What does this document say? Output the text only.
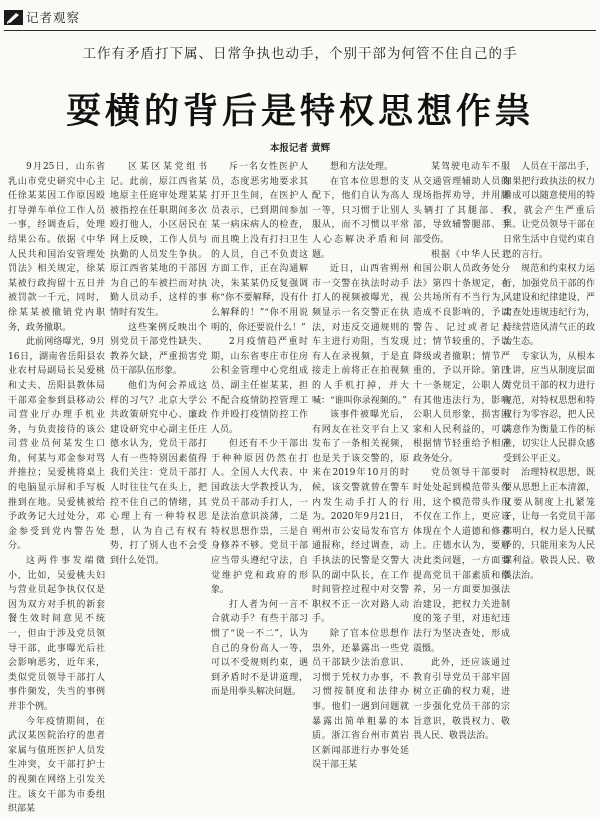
记者观察
工作有矛盾打下属、日常争执也动手，个别干部为何管不住自己的手
耍横的背后是特权思想作祟
本报记者 黄辉

9月25日，山东省乳山市党史研究中心主任徐某某因工作原因殴打导弹车单位工作人员一事，经调查后，处理结果公布。依据《中华人民共和国治安管理处罚法》相关规定，徐某某被行政拘留十五日并被罚款一千元，同时，徐某某被撤销党内职务，政务撤职。

此前网络曝光，9月16日，湖南省岳阳县农业农村局副局长吴爱桃和丈夫、岳阳县教体局干部邓金参到县移动公司营业厅办理手机业务，与负责接待的该公司营业员何某发生口角，何某与邓金参对骂并推拉；吴爱桃将桌上的电脑显示屏和手写板推到在地。吴爱桃被给予政务记大过处分，邓金参受到党内警告处分。

这两件事发端微小，比如，吴爱桃夫妇与营业员起争执仅仅是因为双方对手机的新套餐生效时间意见不统一，但由于涉及党员领导干部，此事曝光后社会影响恶劣，近年来，类似党员领导干部打人事件频发，失当的事例并非个例。

今年疫情期间，在武汉某医院治疗的患者家属与值班医护人员发生冲突，女干部打护士的视频在网络上引发关注。该女干部为市委组织部某

区某区某党组书记。此前，原江西省某地原主任庭审处理某某被指控在任职期间多次殴打他人，小区居民在网上反映，工作人员与执勤的人员发生争执。原江西省某地的干部因为自己的车被拦而对执勤人员动手，这样的事情时有发生。

这些案例反映出个别党员干部党性缺失、教养欠缺，严重损害党员干部队伍形象。

他们为何会养成这样的习气？北京大学公共政策研究中心、廉政建设研究中心副主任庄德水认为，党员干部打人有一些特别因素值得我们关注：党员干部打人时往往气在头上，把控不住自己的情绪，其心理上有一种特权思想，认为自己有权有势，打了别人也不会受到什么处罚。

斥一名女性医护人员，态度恶劣地要求其打开卫生间，在医护人员表示，已到期间参加某一病床病人的检查，而且晚上没有打扫卫生的人员，自己不负责这方面工作，正在沟通解决，朱某某仍反复强调称“你不要解释，没有什么解释的！”“你不用说明的，你还要说什么！”

2月疫情趋严重时期，山东省枣庄市住房公积金管理中心党组成员、副主任崔某某，担不配合疫情防控管理工作并殴打疫情防控工作人员。

但还有不少干部出于种种原因仍然在打人。全国人大代表、中国政法大学教授认为，党员干部动手打人，一是法治意识淡薄，二是特权思想作祟，三是自身修养不够。党员干部应当带头遵纪守法，自觉维护党和政府的形象。

打人者为何一言不合就动手？有些干部习惯了“说一不二”，认为自己的身份高人一等，可以不受规则约束，遇到矛盾时不是讲道理，而是用拳头解决问题。

想和方法处理。

在官本位思想的支配下，他们自认为高人一等，只习惯于让别人服从，而不习惯以平常人心态解决矛盾和问题。

近日，山西省朔州市一交警在执法时动手打人的视频被曝光，视频显示一名交警正在执法，对违反交通规则的车主进行劝阻，当发现有人在录视频，于是直接走上前将正在拍视频的人手机打掉，并大喊：“谁叫你录视频的。”

该事件被曝光后，有网友在社交平台上又发布了一条相关视频，也是关于该交警的，原来在2019年10月的时候，该交警就曾在警车内发生动手打人的行为。2020年9月21日，朔州市公安局发布官方通报称，经过调查，动手执法的民警是交警大队的副中队长，在工作时间管控过程中对交警职权不正一次对路人动手。

除了官本位思想作祟外，还暴露出一些党员干部缺少法治意识、习惯于凭权力办事，不习惯按制度和法律办事。他们一遇到问题就暴露出简单粗暴的本质。浙江省台州市黄岩区新闻部进行办事处延误干部王某

某驾驶电动车不服从交通管理辅助人员的现场指挥劝导，并用脚头辆打了其腿部、手部，导致辅警腿部、手部受伤。

根据《中华人民共和国公职人员政务处分法》第四十条规定，在公共场所有不当行为，造成不良影响的，予以警告、记过或者记大过；情节较重的，予以降级或者撤职；情节严重的，予以开除。第四十一条规定，公职人员有其他违法行为，影响公职人员形象，损害国家和人民利益的，可以根据情节轻重给予相应政务处分。

党员领导干部要时时处处起到模范带头作用，这个模范带头作用不仅在工作上，更应该体现在个人道德和修养上。庄德水认为，要解决此类问题，一方面要提高党员干部素质和修养，另一方面要加强法治建设，把权力关进制度的笼子里，对违纪违法行为坚决查处，形成震慑。

此外，还应该通过教育引导党员干部牢固树立正确的权力观，进一步强化党员干部的宗旨意识，敬畏权力、敬畏人民、敬畏法治。

人员在干部出手，如果把行政执法的权力看成可以随意使用的特权，就会产生严重后果。让党员领导干部在日常生活中自觉约束自己的言行。

规范和约束权力运行，加强党员干部的作风建设和纪律建设，严肃查处违规违纪行为，持续营造风清气正的政治生态。

专家认为，从根本上讲，应当从制度层面对党员干部的权力进行规范，对特权思想和特权行为零容忍，把人民满意作为衡量工作的标准，切实让人民群众感受到公平正义。

治理特权思想，既要从思想上正本清源，又要从制度上扎紧笼子，让每一名党员干部都明白，权力是人民赋予的，只能用来为人民谋利益。敬畏人民、敬畏法治。
